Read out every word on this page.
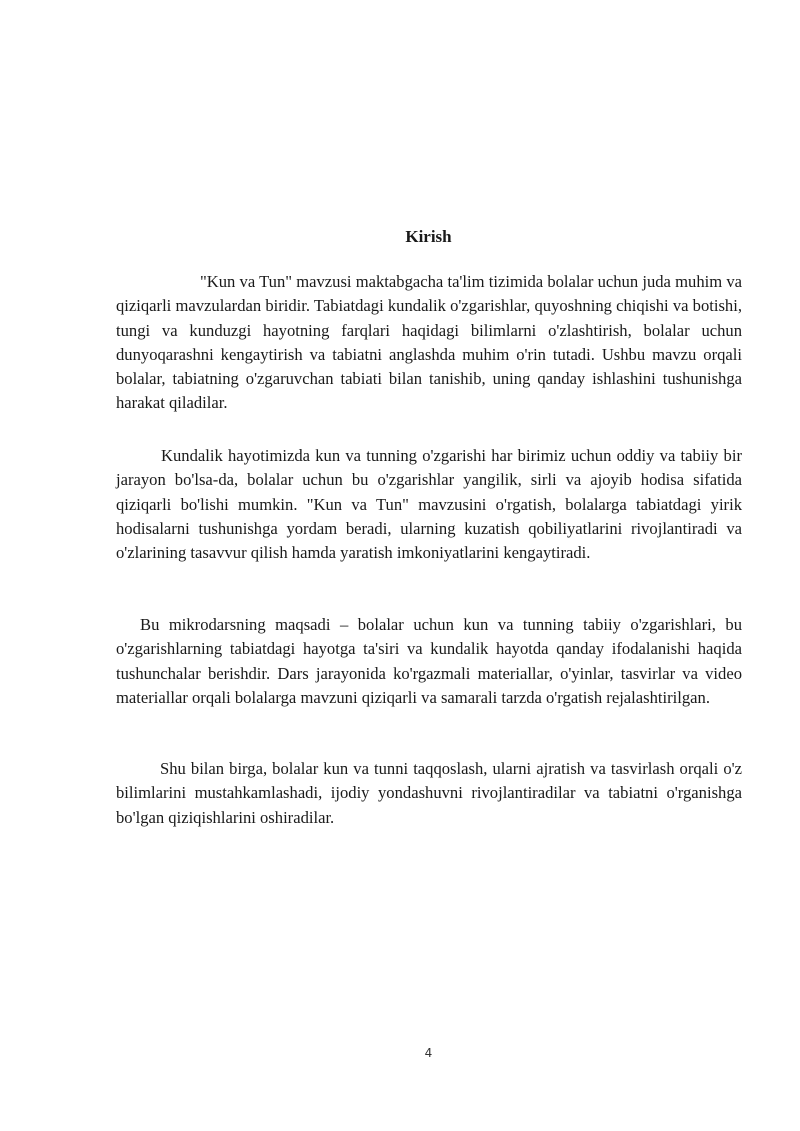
Kirish

"Kun va Tun" mavzusi maktabgacha ta'lim tizimida bolalar uchun juda muhim va qiziqarli mavzulardan biridir. Tabiatdagi kundalik o'zgarishlar, quyoshning chiqishi va botishi, tungi va kunduzgi hayotning farqlari haqidagi bilimlarni o'zlashtirish, bolalar uchun dunyoqarashni kengaytirish va tabiatni anglashda muhim o'rin tutadi. Ushbu mavzu orqali bolalar, tabiatning o'zgaruvchan tabiati bilan tanishib, uning qanday ishlashini tushunishga harakat qiladilar.

Kundalik hayotimizda kun va tunning o'zgarishi har birimiz uchun oddiy va tabiiy bir jarayon bo'lsa-da, bolalar uchun bu o'zgarishlar yangilik, sirli va ajoyib hodisa sifatida qiziqarli bo'lishi mumkin. "Kun va Tun" mavzusini o'rgatish, bolalarga tabiatdagi yirik hodisalarni tushunishga yordam beradi, ularning kuzatish qobiliyatlarini rivojlantiradi va o'zlarining tasavvur qilish hamda yaratish imkoniyatlarini kengaytiradi.

Bu mikrodarsning maqsadi – bolalar uchun kun va tunning tabiiy o'zgarishlari, bu o'zgarishlarning tabiatdagi hayotga ta'siri va kundalik hayotda qanday ifodalanishi haqida tushunchalar berishdir. Dars jarayonida ko'rgazmali materiallar, o'yinlar, tasvirlar va video materiallar orqali bolalarga mavzuni qiziqarli va samarali tarzda o'rgatish rejalashtirilgan.

Shu bilan birga, bolalar kun va tunni taqqoslash, ularni ajratish va tasvirlash orqali o'z bilimlarini mustahkamlashadi, ijodiy yondashuvni rivojlantiradilar va tabiatni o'rganishga bo'lgan qiziqishlarini oshiradilar.

4
